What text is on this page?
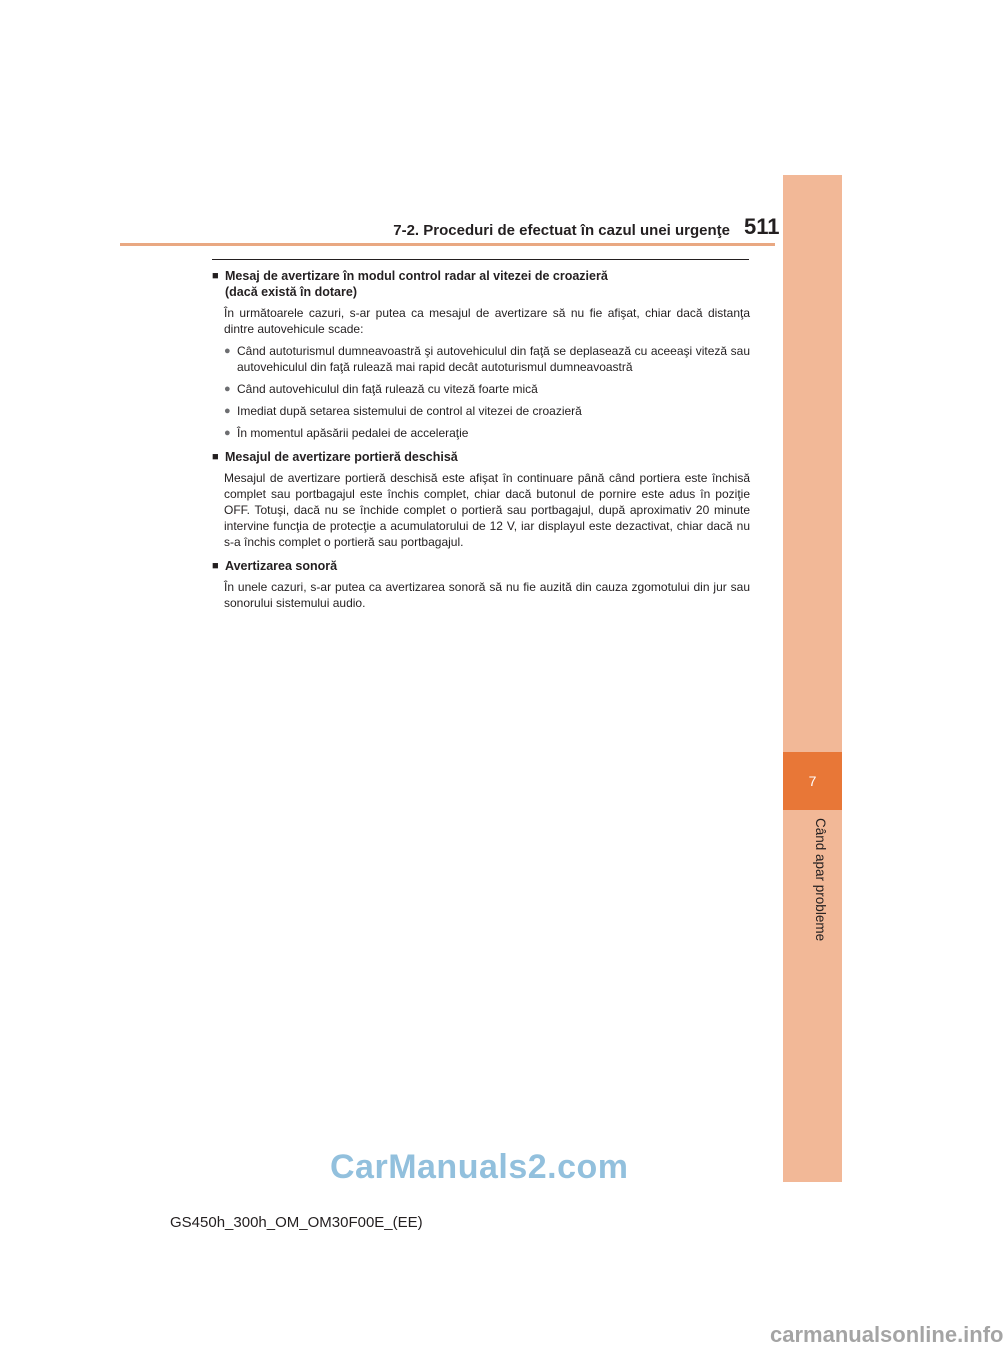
7
Când apar probleme
7-2. Proceduri de efectuat în cazul unei urgenţe 511
■ Mesaj de avertizare în modul control radar al vitezei de croazieră
(dacă există în dotare)
În următoarele cazuri, s-ar putea ca mesajul de avertizare să nu fie afişat, chiar dacă distanţa dintre autovehicule scade:
● Când autoturismul dumneavoastră şi autovehiculul din faţă se deplasează cu aceeaşi viteză sau autovehiculul din faţă rulează mai rapid decât autoturismul dumneavoastră
● Când autovehiculul din faţă rulează cu viteză foarte mică
● Imediat după setarea sistemului de control al vitezei de croazieră
● În momentul apăsării pedalei de acceleraţie
■ Mesajul de avertizare portieră deschisă
Mesajul de avertizare portieră deschisă este afişat în continuare până când portiera este închisă complet sau portbagajul este închis complet, chiar dacă butonul de pornire este adus în poziţie OFF. Totuşi, dacă nu se închide complet o portieră sau portbagajul, după aproximativ 20 minute intervine funcţia de protecţie a acumulatorului de 12 V, iar displayul este dezactivat, chiar dacă nu s-a închis complet o portieră sau portbagajul.
■ Avertizarea sonoră
În unele cazuri, s-ar putea ca avertizarea sonoră să nu fie auzită din cauza zgomotului din jur sau sonorului sistemului audio.
CarManuals2.com
GS450h_300h_OM_OM30F00E_(EE)
carmanualsonline.info
